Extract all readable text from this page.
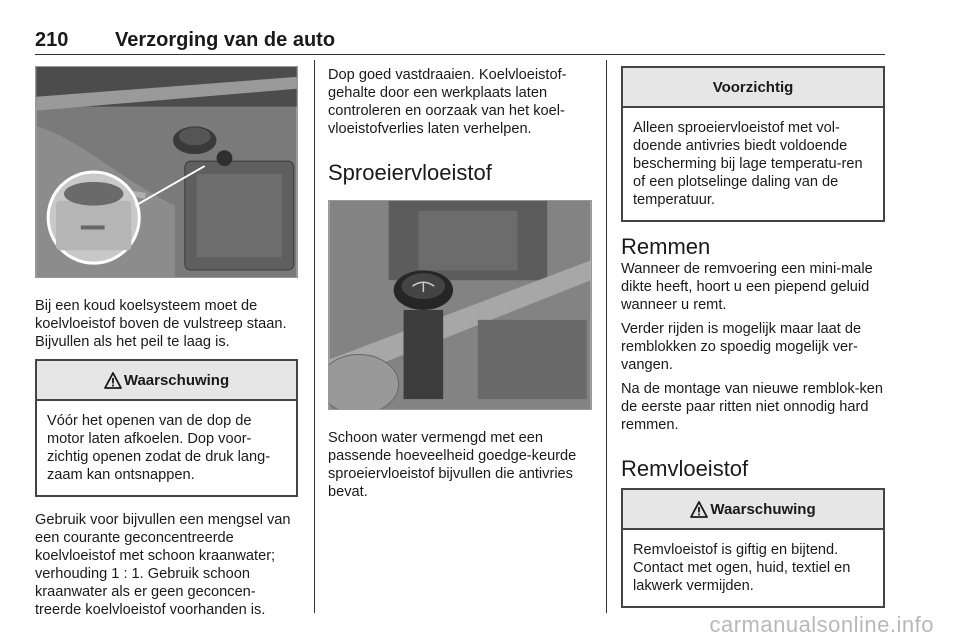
210 Verzorging van de auto

Bij een koud koelsysteem moet de koelvloeistof boven de vulstreep staan. Bijvullen als het peil te laag is.

Waarschuwing
Vóór het openen van de dop de motor laten afkoelen. Dop voor-zichtig openen zodat de druk lang-zaam kan ontsnappen.

Gebruik voor bijvullen een mengsel van een courante geconcentreerde koelvloeistof met schoon kraanwater; verhouding 1 : 1. Gebruik schoon kraanwater als er geen geconcen-treerde koelvloeistof voorhanden is.

Dop goed vastdraaien. Koelvloeistof-gehalte door een werkplaats laten controleren en oorzaak van het koel-vloeistofverlies laten verhelpen.

Sproeiervloeistof

Schoon water vermengd met een passende hoeveelheid goedge-keurde sproeiervloeistof bijvullen die antivries bevat.

Voorzichtig
Alleen sproeiervloeistof met vol-doende antivries biedt voldoende bescherming bij lage temperatu-ren of een plotselinge daling van de temperatuur.
Remmen

Wanneer de remvoering een mini-male dikte heeft, hoort u een piepend geluid wanneer u remt.

Verder rijden is mogelijk maar laat de remblokken zo spoedig mogelijk ver-vangen.

Na de montage van nieuwe remblok-ken de eerste paar ritten niet onnodig hard remmen.

Remvloeistof
Waarschuwing
Remvloeistof is giftig en bijtend. Contact met ogen, huid, textiel en lakwerk vermijden.
carmanualsonline.info
